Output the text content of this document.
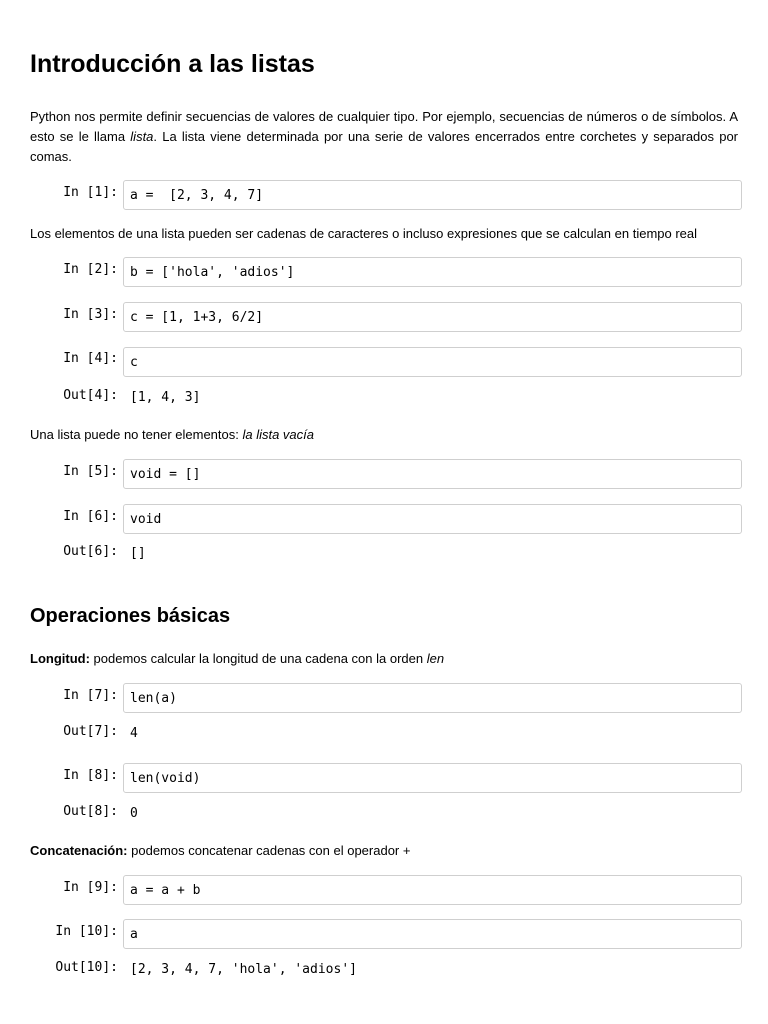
Introducción a las listas

Python nos permite definir secuencias de valores de cualquier tipo. Por ejemplo, secuencias de números o de símbolos. A esto se le llama lista. La lista viene determinada por una serie de valores encerrados entre corchetes y separados por comas.

In [1]: a =  [2, 3, 4, 7]

Los elementos de una lista pueden ser cadenas de caracteres o incluso expresiones que se calculan en tiempo real

In [2]: b = ['hola', 'adios']
In [3]: c = [1, 1+3, 6/2]
In [4]: c
Out[4]: [1, 4, 3]

Una lista puede no tener elementos: la lista vacía

In [5]: void = []
In [6]: void
Out[6]: []
Operaciones básicas

Longitud: podemos calcular la longitud de una cadena con la orden len

In [7]: len(a)
Out[7]: 4
In [8]: len(void)
Out[8]: 0

Concatenación: podemos concatenar cadenas con el operador +

In [9]: a = a + b
In [10]: a
Out[10]: [2, 3, 4, 7, 'hola', 'adios']
